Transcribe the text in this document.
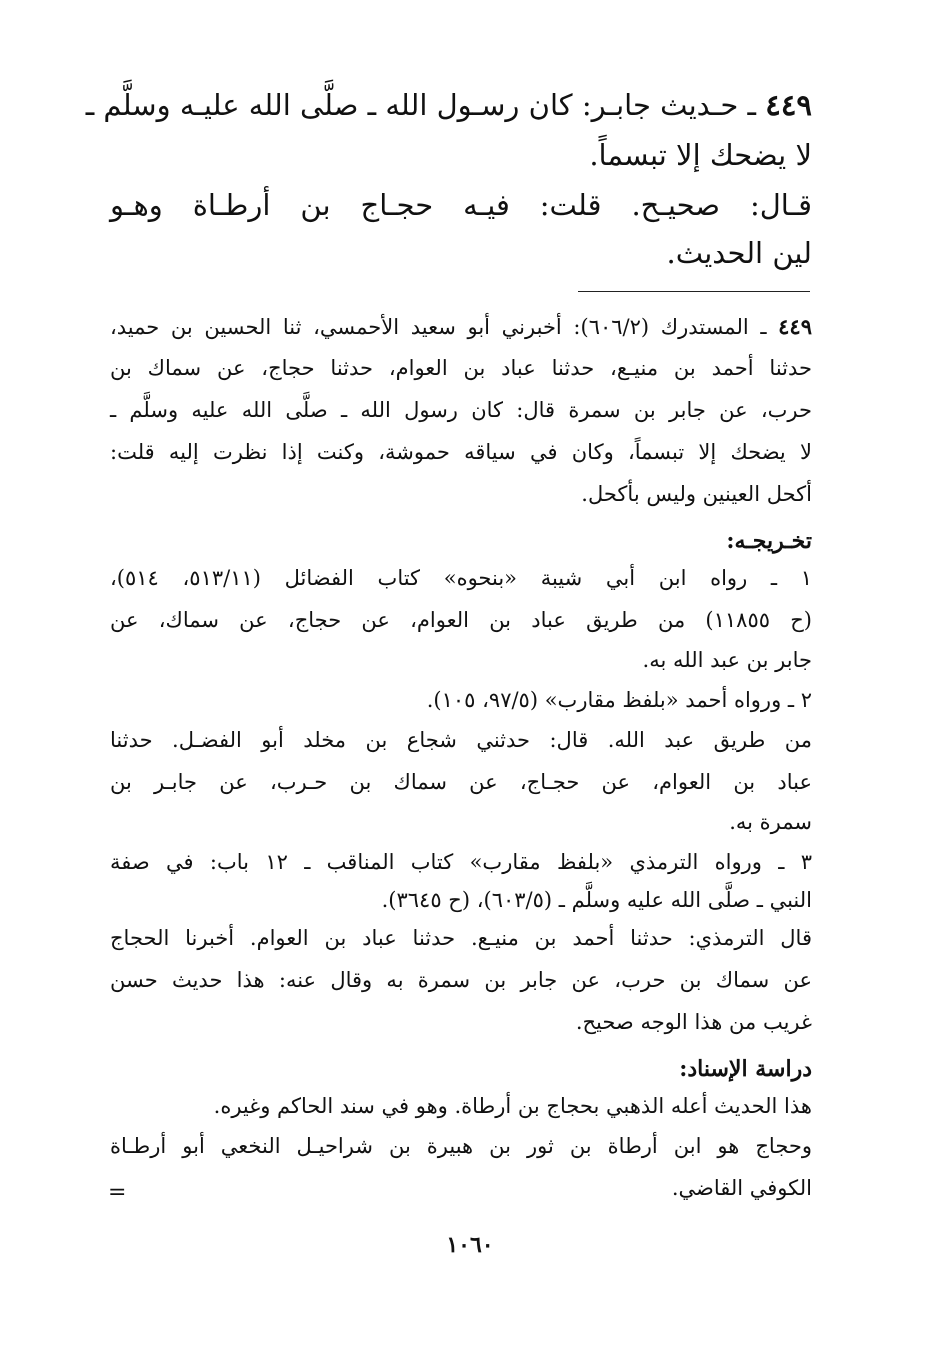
٤٤٩ ـ حـديث جابـر: كان رسـول الله ـ صلَّى الله عليـه وسلَّم ـ
لا يضحك إلا تبسماً.
قـال: صحيـح. قلت: فيـه حجـاج بن أرطـاة وهـو
لين الحديث.
٤٤٩ ـ المستدرك (٦٠٦/٢): أخبرني أبو سعيد الأحمسي، ثنا الحسين بن حميد،
حدثنا أحمد بن منيـع، حدثنا عباد بن العوام، حدثنا حجاج، عن سماك بن
حرب، عن جابر بن سمرة قال: كان رسول الله ـ صلَّى الله عليه وسلَّم ـ
لا يضحك إلا تبسماً، وكان في سياقه حموشة، وكنت إذا نظرت إليه قلت:
أكحل العينين وليس بأكحل.
تخـريجـه:
١ ـ رواه ابن أبي شيبة «بنحوه» كتاب الفضائل (٥١٣/١١، ٥١٤)،
(ح ١١٨٥٥) من طريق عباد بن العوام، عن حجاج، عن سماك، عن
جابر بن عبد الله به.
٢ ـ ورواه أحمد «بلفظ مقارب» (٩٧/٥، ١٠٥).
من طريق عبد الله. قال: حدثني شجاع بن مخلد أبو الفضـل. حدثنا
عباد بن العوام، عن حجـاج، عن سماك بن حـرب، عن جابـر بن
سمرة به.
٣ ـ ورواه الترمذي «بلفظ مقارب» كتاب المناقب ـ ١٢ باب: في صفة
النبي ـ صلَّى الله عليه وسلَّم ـ (٦٠٣/٥)، (ح ٣٦٤٥).
قال الترمذي: حدثنا أحمد بن منيـع. حدثنا عباد بن العوام. أخبرنا الحجاج
عن سماك بن حرب، عن جابر بن سمرة به وقال عنه: هذا حديث حسن
غريب من هذا الوجه صحيح.
دراسة الإسناد:
هذا الحديث أعله الذهبي بحجاج بن أرطاة. وهو في سند الحاكم وغيره.
وحجاج هو ابن أرطاة بن ثور بن هبيرة بن شراحيـل النخعي أبو أرطـاة
الكوفي القاضي.
=
١٠٦٠
